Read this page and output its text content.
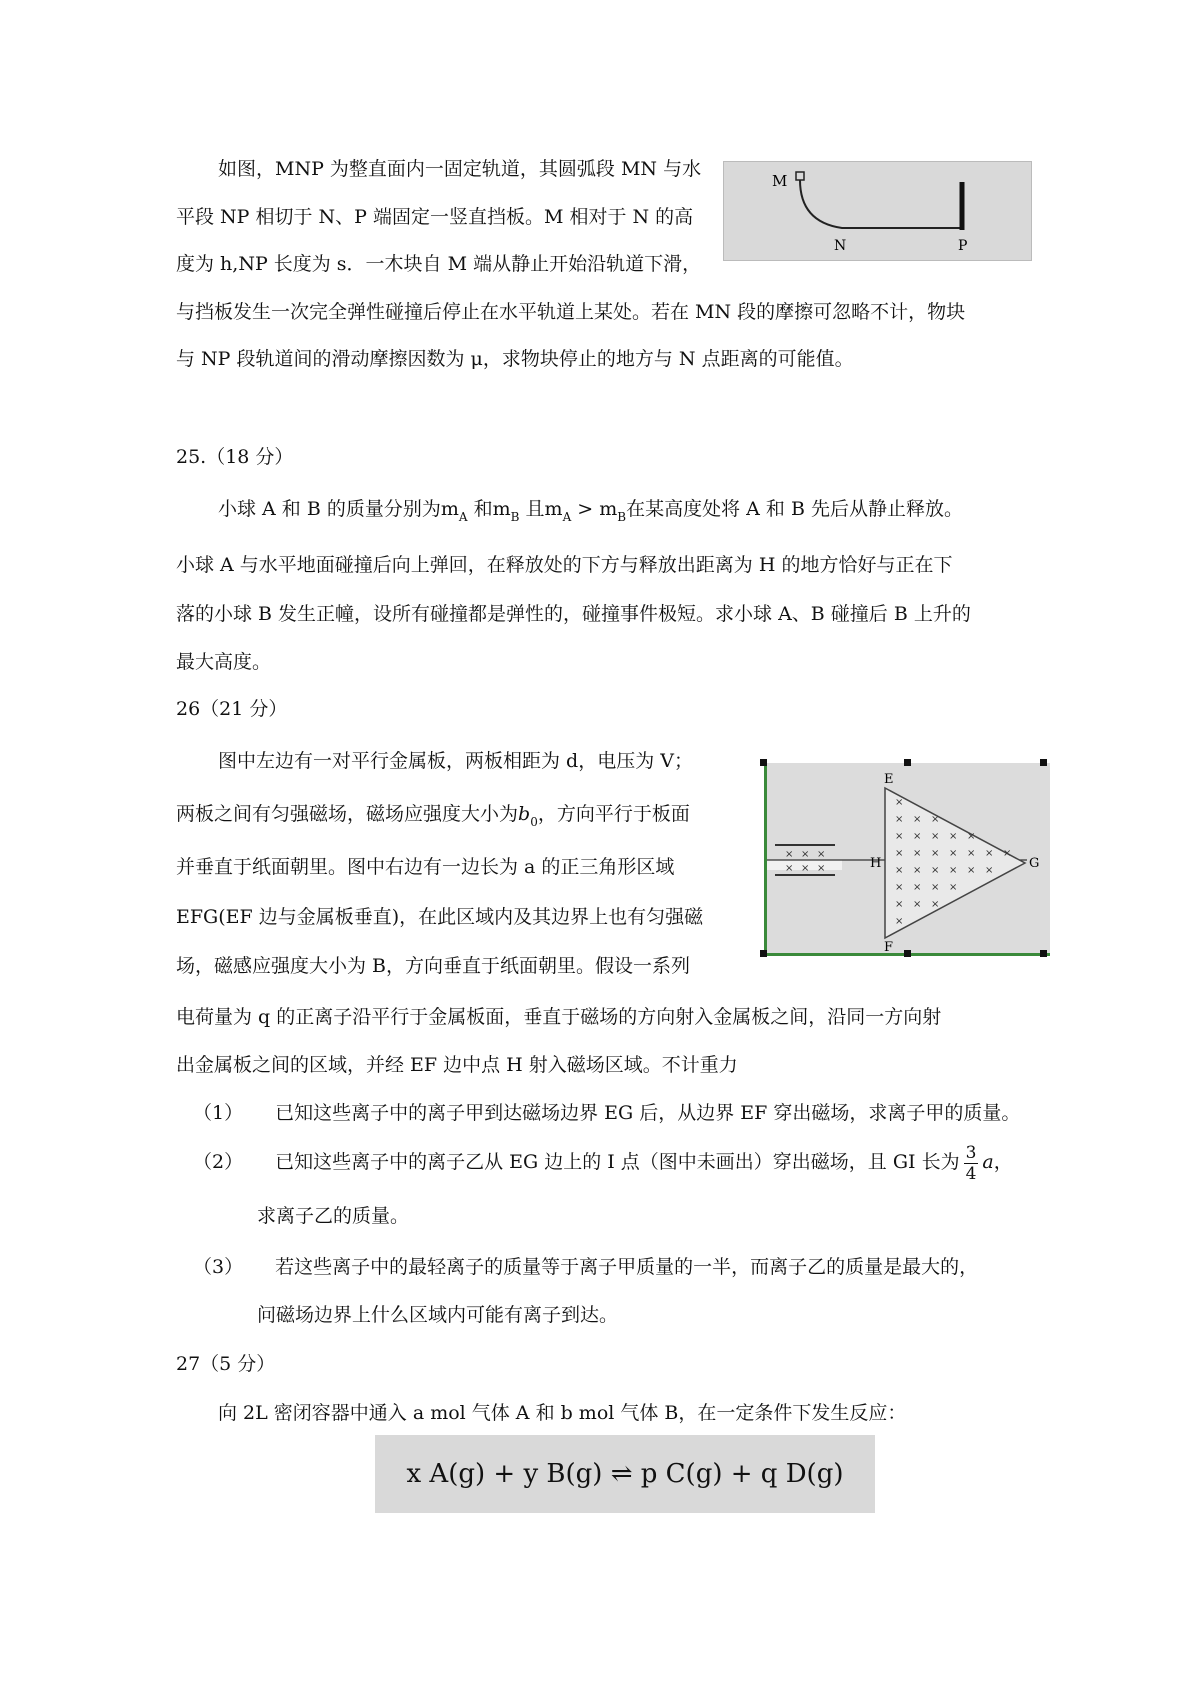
如图，MNP 为整直面内一固定轨道，其圆弧段 MN 与水
平段 NP 相切于 N、P 端固定一竖直挡板。M 相对于 N 的高
度为 h,NP 长度为 s．一木块自 M 端从静止开始沿轨道下滑，
与挡板发生一次完全弹性碰撞后停止在水平轨道上某处。若在 MN 段的摩擦可忽略不计，物块
与 NP 段轨道间的滑动摩擦因数为 μ，求物块停止的地方与 N 点距离的可能值。
M
N	P
25.（18 分）
小球 A 和 B 的质量分别为$m_A$ 和$m_B$ 且$m_A > m_B$在某高度处将 A 和 B 先后从静止释放。
小球 A 与水平地面碰撞后向上弹回，在释放处的下方与释放出距离为 H 的地方恰好与正在下
落的小球 B 发生正幢，设所有碰撞都是弹性的，碰撞事件极短。求小球 A、B 碰撞后 B 上升的
最大高度。
26（21 分）
图中左边有一对平行金属板，两板相距为 d，电压为 V；
两板之间有匀强磁场，磁场应强度大小为$b_0$，方向平行于板面
并垂直于纸面朝里。图中右边有一边长为 a 的正三角形区域
EFG(EF 边与金属板垂直)，在此区域内及其边界上也有匀强磁
场，磁感应强度大小为 B，方向垂直于纸面朝里。假设一系列
电荷量为 q 的正离子沿平行于金属板面，垂直于磁场的方向射入金属板之间，沿同一方向射
出金属板之间的区域，并经 EF 边中点 H 射入磁场区域。不计重力
（1） 已知这些离子中的离子甲到达磁场边界 EG 后，从边界 EF 穿出磁场，求离子甲的质量。
（2） 已知这些离子中的离子乙从 EG 边上的 I 点（图中未画出）穿出磁场，且 GI 长为 $\frac{3}{4}$ a，
求离子乙的质量。
（3） 若这些离子中的最轻离子的质量等于离子甲质量的一半，而离子乙的质量是最大的，
问磁场边界上什么区域内可能有离子到达。
×
×
×
×
×
×
×
× × ×
× × × × ×
× × × × × × ×
× × × × × ×
× × × ×
× × ×
×
E
F
G
H
27（5 分）
向 2L 密闭容器中通入 a mol 气体 A 和 b mol 气体 B，在一定条件下发生反应：
x A(g) + y B(g) ⇌ p C(g) + q D(g)
